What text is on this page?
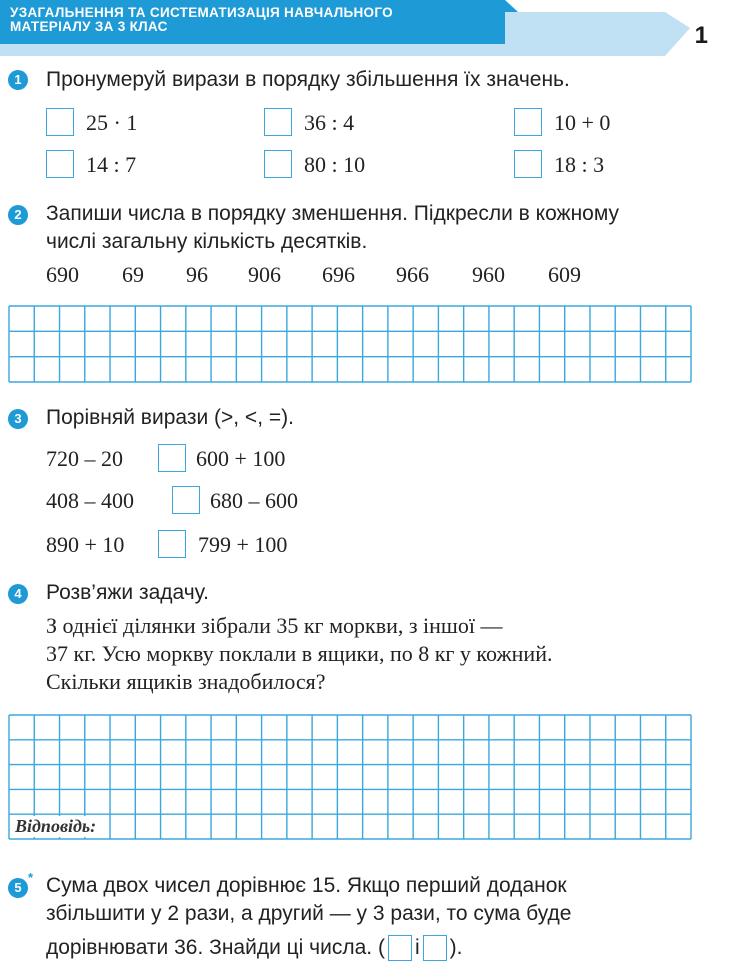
УЗАГАЛЬНЕННЯ ТА СИСТЕМАТИЗАЦІЯ НАВЧАЛЬНОГО
МАТЕРІАЛУ ЗА 3 КЛАС	1
1	Пронумеруй вирази в порядку збільшення їх значень.
25 · 1	36 : 4	10 + 0
14 : 7	80 : 10	18 : 3
2	Запиши числа в порядку зменшення. Підкресли в кожному
числі загальну кількість десятків.
690 69 96 906 696 966 960 609
3	Порівняй вирази (>, <, =).
720 – 20	600 + 100
408 – 400	680 – 600
890 + 10	799 + 100
4	Розв’яжи задачу.
З однієї ділянки зібрали 35 кг моркви, з іншої —
37 кг. Усю моркву поклали в ящики, по 8 кг у кожний.
Скільки ящиків знадобилося?
Відповідь:
5
* Сума двох чисел дорівнює 15. Якщо перший доданок
збільшити у 2 рази, а другий — у 3 рази, то сума буде
дорівнювати 36. Знайди ці числа. ( і ).
